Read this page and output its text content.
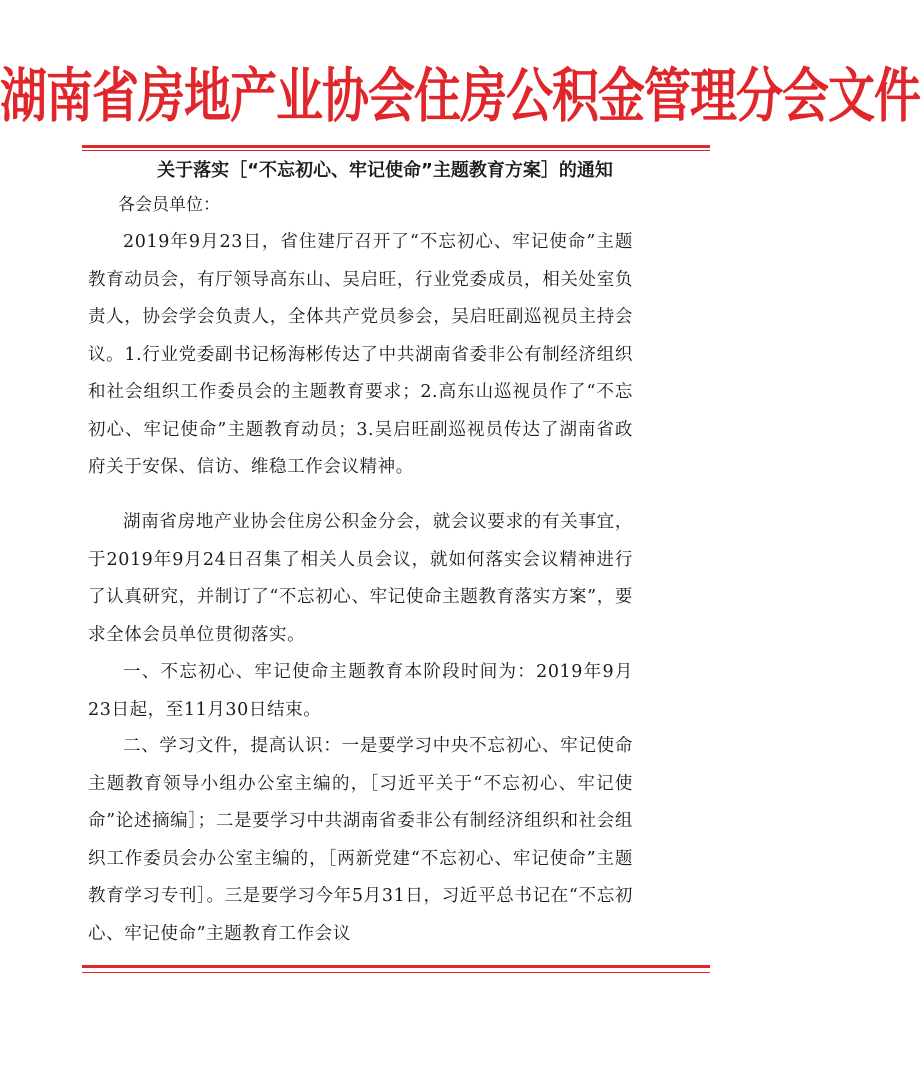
湖南省房地产业协会住房公积金管理分会文件
关于落实［“不忘初心、牢记使命”主题教育方案］的通知
各会员单位：
2019年9月23日，省住建厅召开了“不忘初心、牢记使命”主题教育动员会，有厅领导高东山、吴启旺，行业党委成员，相关处室负责人，协会学会负责人，全体共产党员参会，吴启旺副巡视员主持会议。1.行业党委副书记杨海彬传达了中共湖南省委非公有制经济组织和社会组织工作委员会的主题教育要求；2.高东山巡视员作了“不忘初心、牢记使命”主题教育动员；3.吴启旺副巡视员传达了湖南省政府关于安保、信访、维稳工作会议精神。
湖南省房地产业协会住房公积金分会，就会议要求的有关事宜，于2019年9月24日召集了相关人员会议，就如何落实会议精神进行了认真研究，并制订了“不忘初心、牢记使命主题教育落实方案”，要求全体会员单位贯彻落实。
一、不忘初心、牢记使命主题教育本阶段时间为：2019年9月23日起，至11月30日结束。
二、学习文件，提高认识：一是要学习中央不忘初心、牢记使命主题教育领导小组办公室主编的，［习近平关于“不忘初心、牢记使命”论述摘编］；二是要学习中共湖南省委非公有制经济组织和社会组织工作委员会办公室主编的，［两新党建“不忘初心、牢记使命”主题教育学习专刊］。三是要学习今年5月31日，习近平总书记在“不忘初心、牢记使命”主题教育工作会议
